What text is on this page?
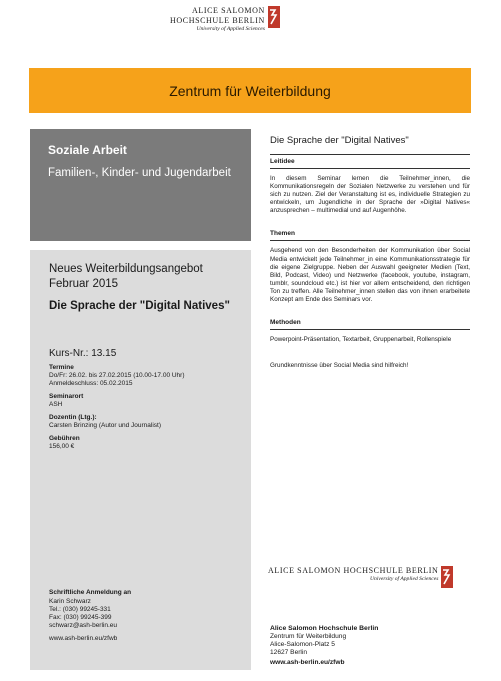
ALICE SALOMON
HOCHSCHULE BERLIN
University of Applied Sciences
Zentrum für Weiterbildung
Soziale Arbeit
Familien-, Kinder- und Jugendarbeit
Neues Weiterbildungsangebot Februar 2015
Die Sprache der "Digital Natives"
Kurs-Nr.: 13.15
Termine
Do/Fr: 26.02. bis 27.02.2015 (10.00-17.00 Uhr)
Anmeldeschluss: 05.02.2015
Seminarort
ASH
Dozentin (Ltg.):
Carsten Brinzing (Autor und Journalist)
Gebühren
156,00 €
Schriftliche Anmeldung an
Karin Schwarz
Tel.: (030) 99245-331
Fax: (030) 99245-399
schwarz@ash-berlin.eu
www.ash-berlin.eu/zfwb
Die Sprache der "Digital Natives"
Leitidee
In diesem Seminar lernen die Teilnehmer_innen, die Kommunikationsregeln der Sozialen Netzwerke zu verstehen und für sich zu nutzen. Ziel der Veranstaltung ist es, individuelle Strategien zu entwickeln, um Jugendliche in der Sprache der »Digital Natives« anzusprechen – multimedial und auf Augenhöhe.
Themen
Ausgehend von den Besonderheiten der Kommunikation über Social Media entwickelt jede Teilnehmer_in eine Kommunikationsstrategie für die eigene Zielgruppe. Neben der Auswahl geeigneter Medien (Text, Bild, Podcast, Video) und Netzwerke (facebook, youtube, instagram, tumblr, soundcloud etc.) ist hier vor allem entscheidend, den richtigen Ton zu treffen. Alle Teilnehmer_innen stellen das von ihnen erarbeitete Konzept am Ende des Seminars vor.
Methoden
Powerpoint-Präsentation, Textarbeit, Gruppenarbeit, Rollenspiele
Grundkenntnisse über Social Media sind hilfreich!
ALICE SALOMON HOCHSCHULE BERLIN
University of Applied Sciences
Alice Salomon Hochschule Berlin
Zentrum für Weiterbildung
Alice-Salomon-Platz 5
12627 Berlin
www.ash-berlin.eu/zfwb
